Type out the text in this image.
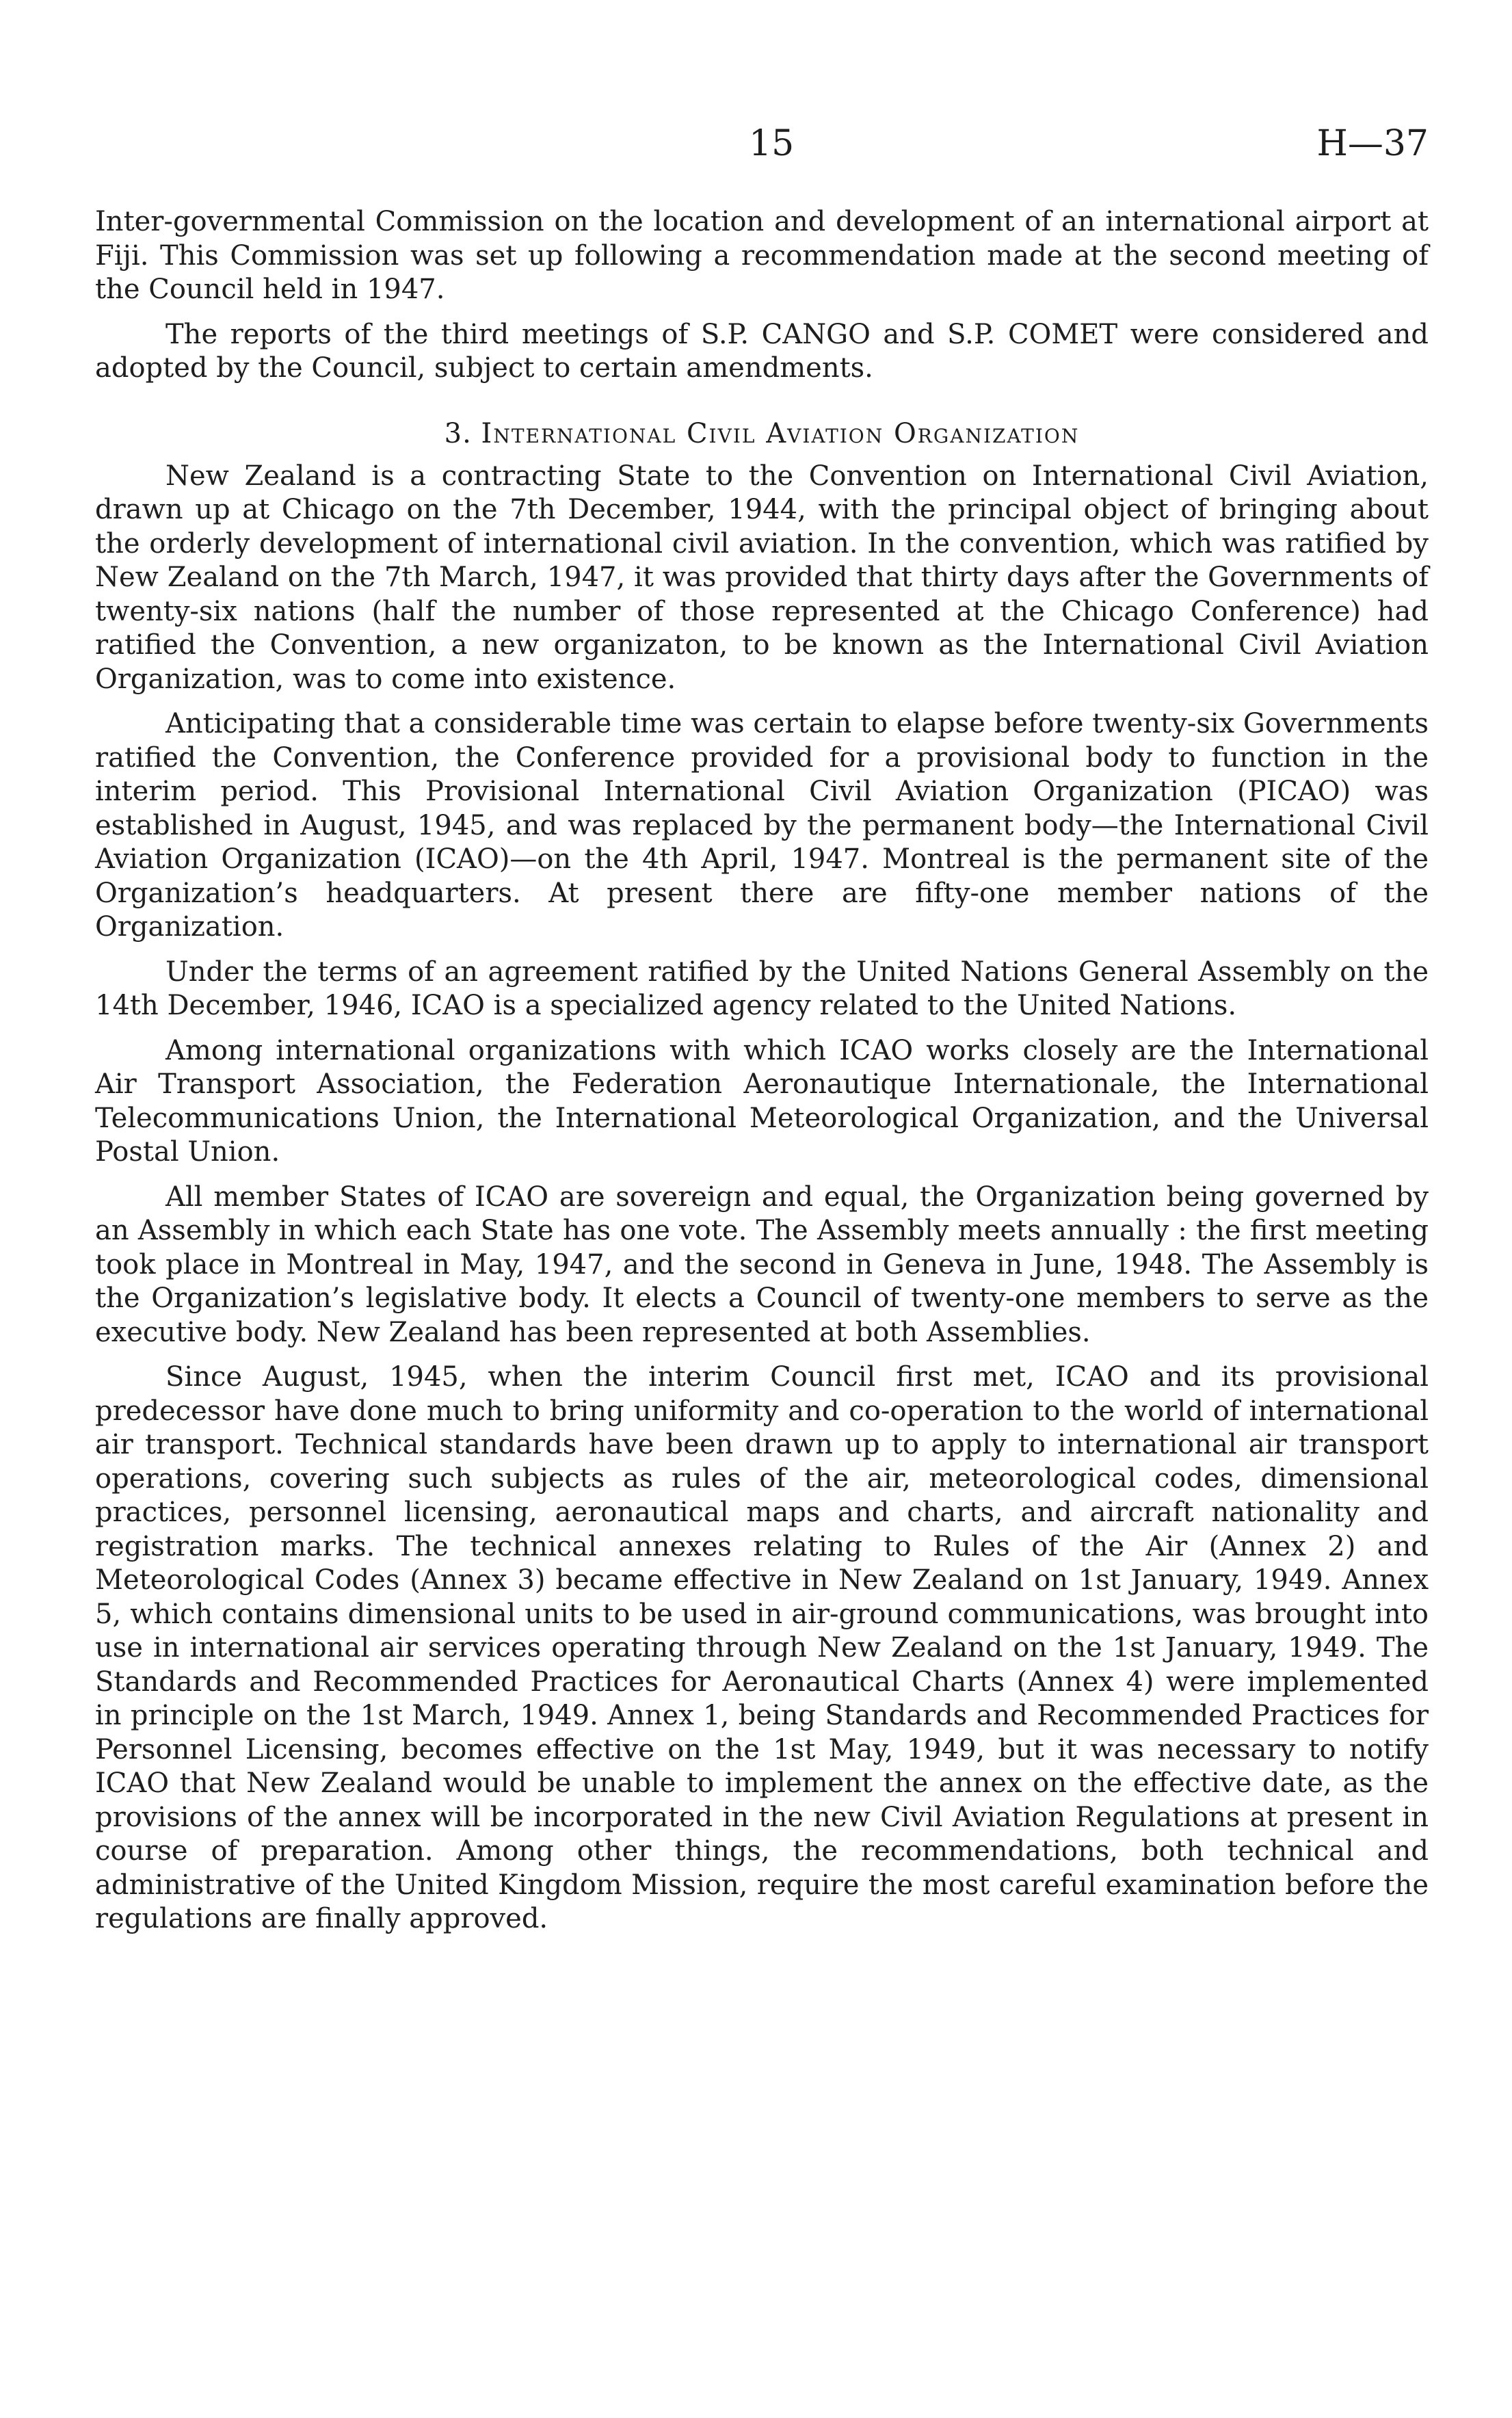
15	H—37

Inter-governmental Commission on the location and development of an international airport at Fiji. This Commission was set up following a recommendation made at the second meeting of the Council held in 1947.

The reports of the third meetings of S.P. CANGO and S.P. COMET were considered and adopted by the Council, subject to certain amendments.

3. International Civil Aviation Organization

New Zealand is a contracting State to the Convention on International Civil Aviation, drawn up at Chicago on the 7th December, 1944, with the principal object of bringing about the orderly development of international civil aviation. In the convention, which was ratified by New Zealand on the 7th March, 1947, it was provided that thirty days after the Governments of twenty-six nations (half the number of those represented at the Chicago Conference) had ratified the Convention, a new organizaton, to be known as the International Civil Aviation Organization, was to come into existence.

Anticipating that a considerable time was certain to elapse before twenty-six Governments ratified the Convention, the Conference provided for a provisional body to function in the interim period. This Provisional International Civil Aviation Organization (PICAO) was established in August, 1945, and was replaced by the permanent body—the International Civil Aviation Organization (ICAO)—on the 4th April, 1947. Montreal is the permanent site of the Organization’s headquarters. At present there are fifty-one member nations of the Organization.

Under the terms of an agreement ratified by the United Nations General Assembly on the 14th December, 1946, ICAO is a specialized agency related to the United Nations.

Among international organizations with which ICAO works closely are the International Air Transport Association, the Federation Aeronautique Internationale, the International Telecommunications Union, the International Meteorological Organization, and the Universal Postal Union.

All member States of ICAO are sovereign and equal, the Organization being governed by an Assembly in which each State has one vote. The Assembly meets annually : the first meeting took place in Montreal in May, 1947, and the second in Geneva in June, 1948. The Assembly is the Organization’s legislative body. It elects a Council of twenty-one members to serve as the executive body. New Zealand has been represented at both Assemblies.

Since August, 1945, when the interim Council first met, ICAO and its provisional predecessor have done much to bring uniformity and co-operation to the world of international air transport. Technical standards have been drawn up to apply to international air transport operations, covering such subjects as rules of the air, meteorological codes, dimensional practices, personnel licensing, aeronautical maps and charts, and aircraft nationality and registration marks. The technical annexes relating to Rules of the Air (Annex 2) and Meteorological Codes (Annex 3) became effective in New Zealand on 1st January, 1949. Annex 5, which contains dimensional units to be used in air-ground communications, was brought into use in international air services operating through New Zealand on the 1st January, 1949. The Standards and Recommended Practices for Aeronautical Charts (Annex 4) were implemented in principle on the 1st March, 1949. Annex 1, being Standards and Recommended Practices for Personnel Licensing, becomes effective on the 1st May, 1949, but it was necessary to notify ICAO that New Zealand would be unable to implement the annex on the effective date, as the provisions of the annex will be incorporated in the new Civil Aviation Regulations at present in course of preparation. Among other things, the recommendations, both technical and administrative of the United Kingdom Mission, require the most careful examination before the regulations are finally approved.
